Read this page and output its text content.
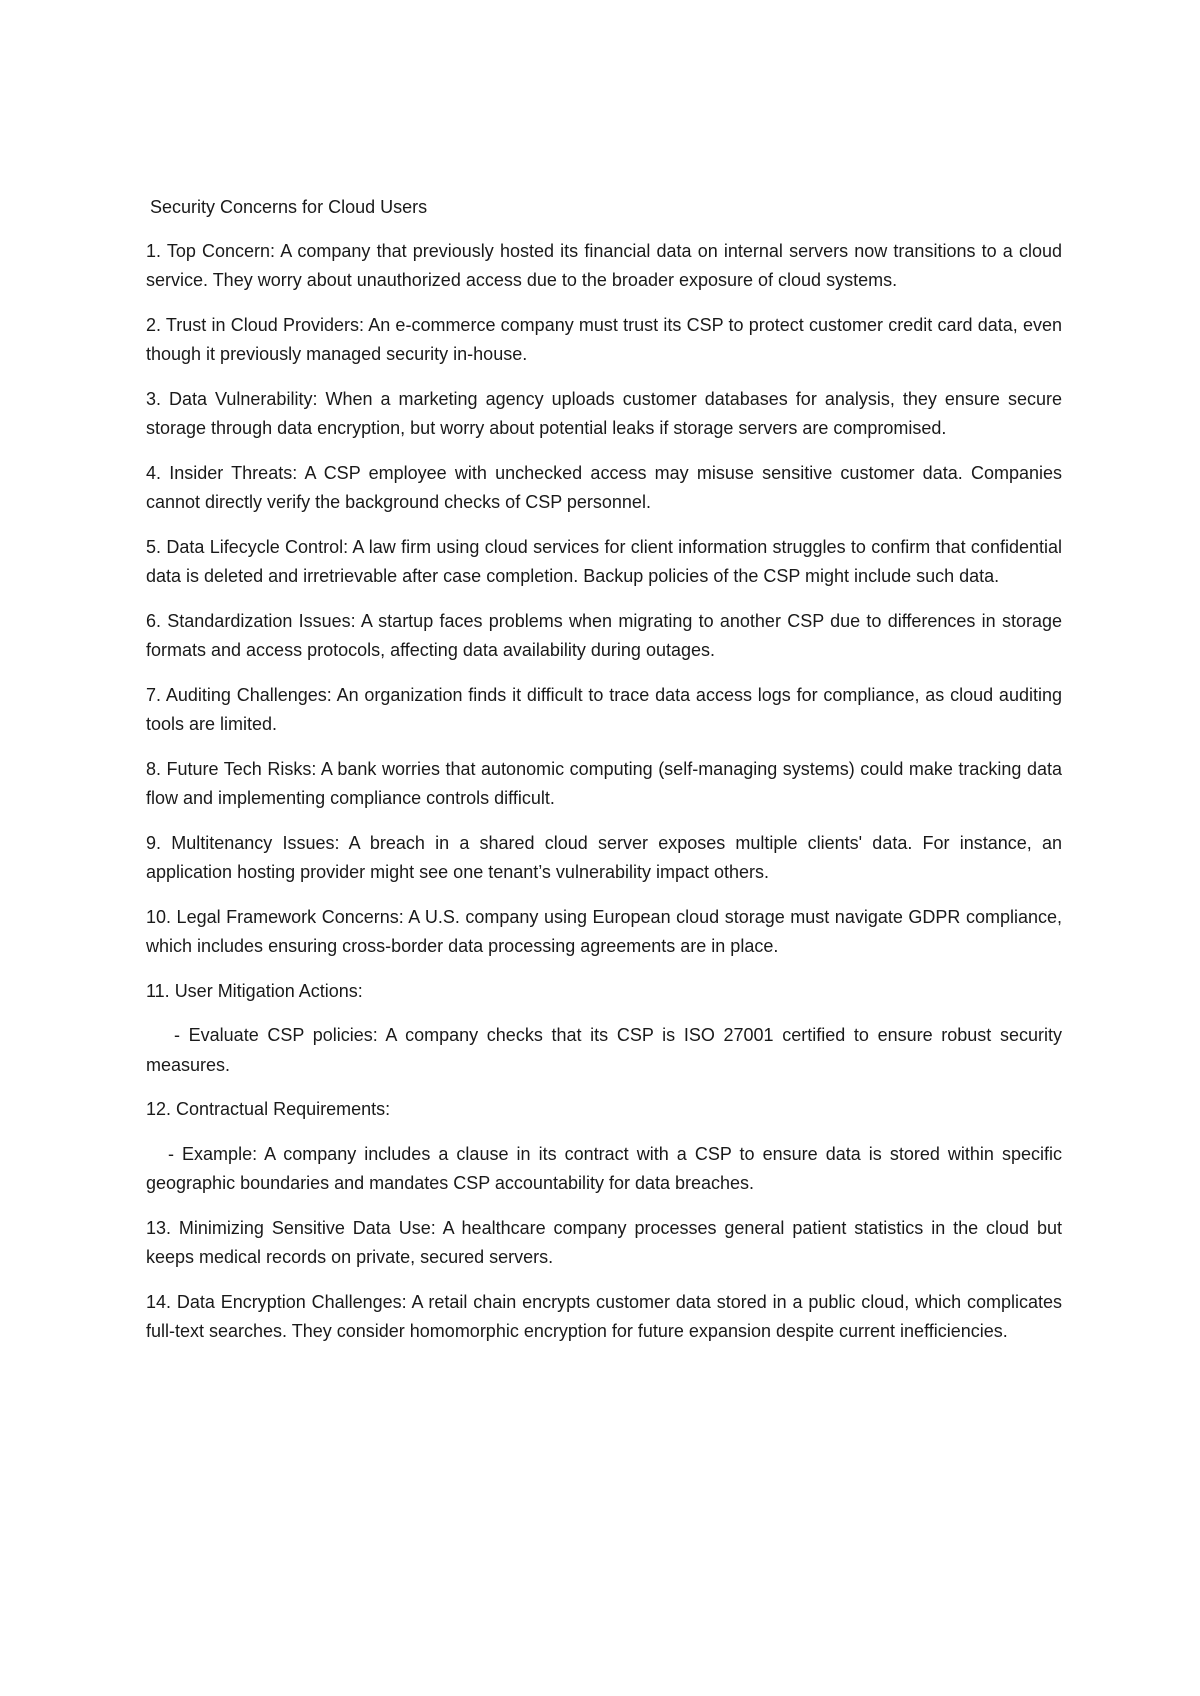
Security Concerns for Cloud Users

1. Top Concern: A company that previously hosted its financial data on internal servers now transitions to a cloud service. They worry about unauthorized access due to the broader exposure of cloud systems.

2. Trust in Cloud Providers: An e-commerce company must trust its CSP to protect customer credit card data, even though it previously managed security in-house.

3. Data Vulnerability: When a marketing agency uploads customer databases for analysis, they ensure secure storage through data encryption, but worry about potential leaks if storage servers are compromised.

4. Insider Threats: A CSP employee with unchecked access may misuse sensitive customer data. Companies cannot directly verify the background checks of CSP personnel.

5. Data Lifecycle Control: A law firm using cloud services for client information struggles to confirm that confidential data is deleted and irretrievable after case completion. Backup policies of the CSP might include such data.

6. Standardization Issues: A startup faces problems when migrating to another CSP due to differences in storage formats and access protocols, affecting data availability during outages.

7. Auditing Challenges: An organization finds it difficult to trace data access logs for compliance, as cloud auditing tools are limited.

8. Future Tech Risks: A bank worries that autonomic computing (self-managing systems) could make tracking data flow and implementing compliance controls difficult.

9. Multitenancy Issues: A breach in a shared cloud server exposes multiple clients' data. For instance, an application hosting provider might see one tenant’s vulnerability impact others.

10. Legal Framework Concerns: A U.S. company using European cloud storage must navigate GDPR compliance, which includes ensuring cross-border data processing agreements are in place.

11. User Mitigation Actions:

- Evaluate CSP policies: A company checks that its CSP is ISO 27001 certified to ensure robust security measures.

12. Contractual Requirements:

- Example: A company includes a clause in its contract with a CSP to ensure data is stored within specific geographic boundaries and mandates CSP accountability for data breaches.

13. Minimizing Sensitive Data Use: A healthcare company processes general patient statistics in the cloud but keeps medical records on private, secured servers.

14. Data Encryption Challenges: A retail chain encrypts customer data stored in a public cloud, which complicates full-text searches. They consider homomorphic encryption for future expansion despite current inefficiencies.
